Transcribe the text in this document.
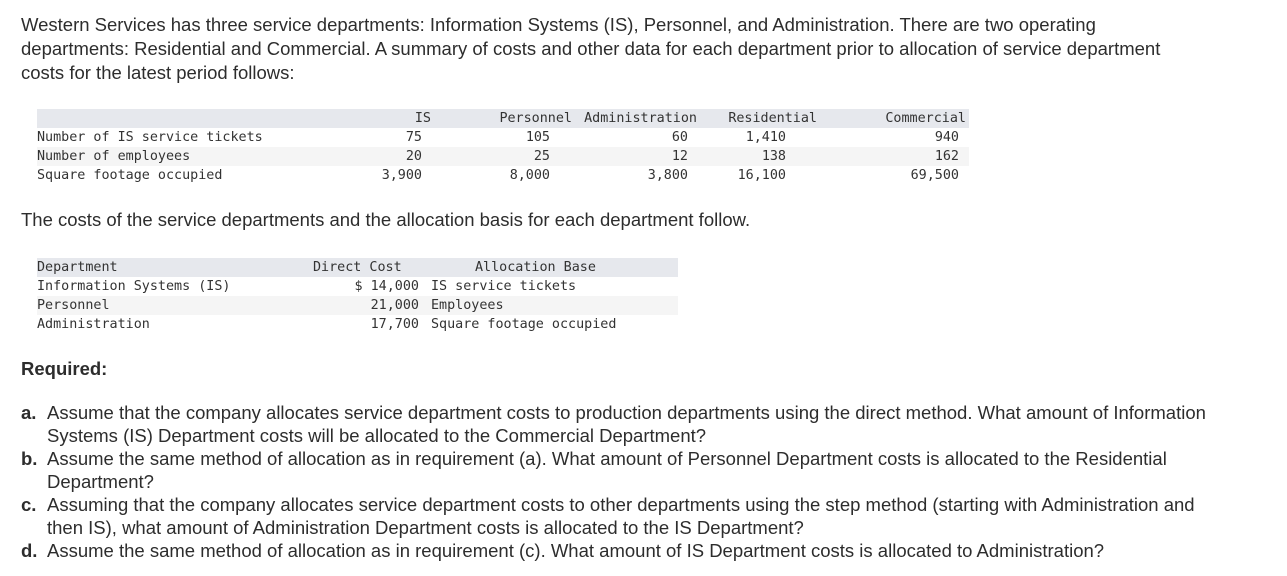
Western Services has three service departments: Information Systems (IS), Personnel, and Administration. There are two operating departments: Residential and Commercial. A summary of costs and other data for each department prior to allocation of service department costs for the latest period follows:

	IS	Personnel	Administration	Residential	Commercial
Number of IS service tickets	75	105	60	1,410	940
Number of employees	20	25	12	138	162
Square footage occupied	3,900	8,000	3,800	16,100	69,500

The costs of the service departments and the allocation basis for each department follow.

Department	Direct Cost	Allocation Base
Information Systems (IS)	$ 14,000	IS service tickets
Personnel	21,000	Employees
Administration	17,700	Square footage occupied

Required:

a. Assume that the company allocates service department costs to production departments using the direct method. What amount of Information Systems (IS) Department costs will be allocated to the Commercial Department?
b. Assume the same method of allocation as in requirement (a). What amount of Personnel Department costs is allocated to the Residential Department?
c. Assuming that the company allocates service department costs to other departments using the step method (starting with Administration and then IS), what amount of Administration Department costs is allocated to the IS Department?
d. Assume the same method of allocation as in requirement (c). What amount of IS Department costs is allocated to Administration?
